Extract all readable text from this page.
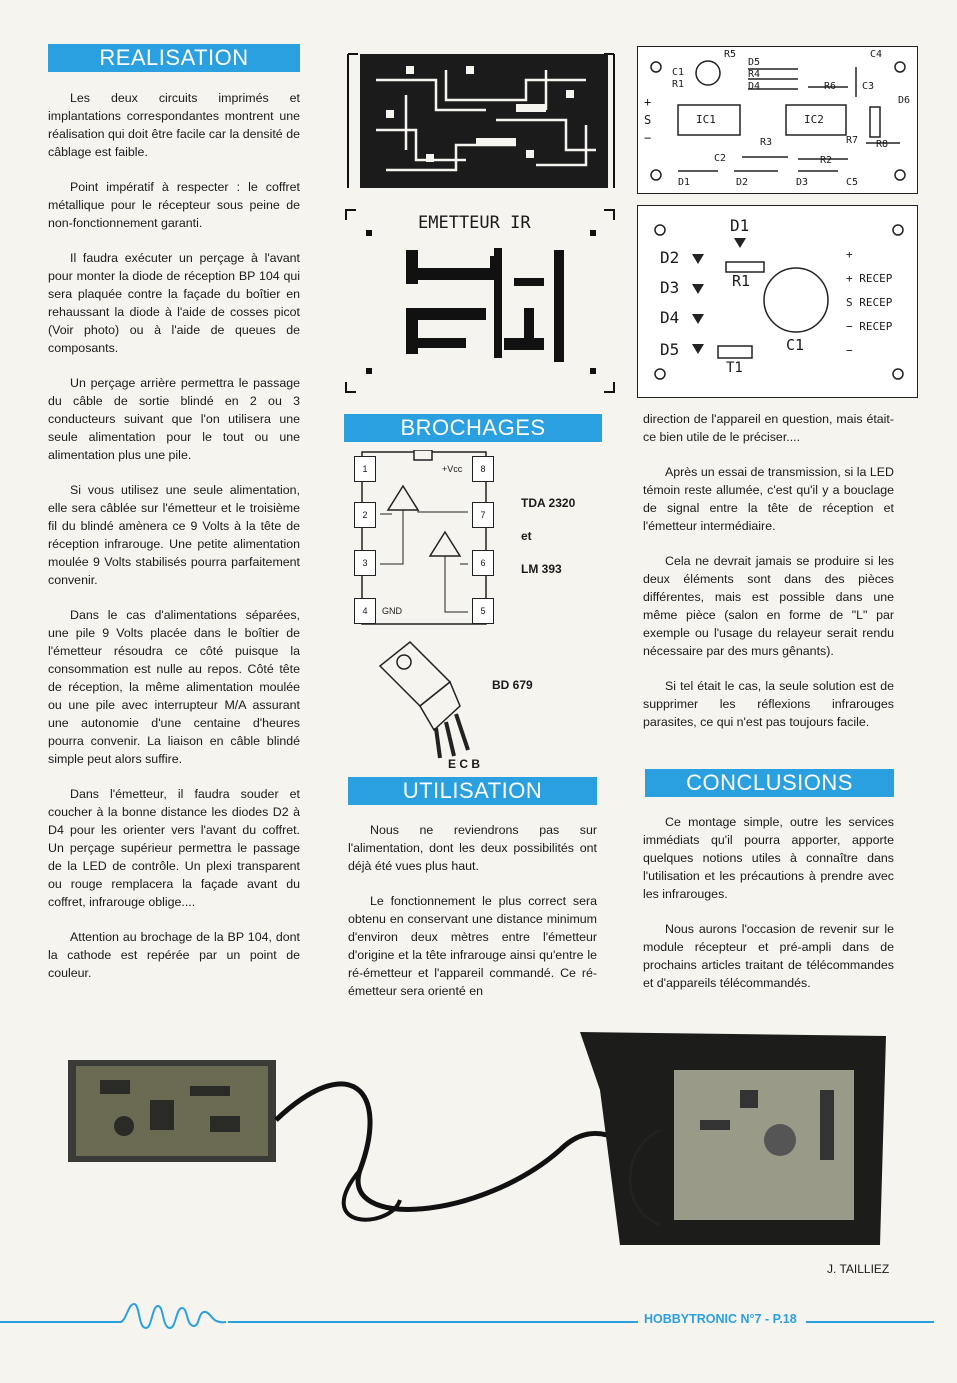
REALISATION

Les deux circuits imprimés et implantations correspondantes montrent une réalisation qui doit être facile car la densité de câblage est faible.

Point impératif à respecter : le coffret métallique pour le récepteur sous peine de non-fonctionnement garanti.

Il faudra exécuter un perçage à l'avant pour monter la diode de réception BP 104 qui sera plaquée contre la façade du boîtier en rehaussant la diode à l'aide de cosses picot (Voir photo) ou à l'aide de queues de composants.

Un perçage arrière permettra le passage du câble de sortie blindé en 2 ou 3 conducteurs suivant que l'on utilisera une seule alimentation pour le tout ou une alimentation plus une pile.

Si vous utilisez une seule alimentation, elle sera câblée sur l'émetteur et le troisième fil du blindé amènera ce 9 Volts à la tête de réception infrarouge. Une petite alimentation moulée 9 Volts stabilisés pourra parfaitement convenir.

Dans le cas d'alimentations séparées, une pile 9 Volts placée dans le boîtier de l'émetteur résoudra ce côté puisque la consommation est nulle au repos. Côté tête de réception, la même alimentation moulée ou une pile avec interrupteur M/A assurant une autonomie d'une centaine d'heures pourra convenir. La liaison en câble blindé simple peut alors suffire.

Dans l'émetteur, il faudra souder et coucher à la bonne distance les diodes D2 à D4 pour les orienter vers l'avant du coffret. Un perçage supérieur permettra le passage de la LED de contrôle. Un plexi transparent ou rouge remplacera la façade avant du coffret, infrarouge oblige....

Attention au brochage de la BP 104, dont la cathode est repérée par un point de couleur.

EMETTEUR IR
BROCHAGES
1
2
3
4
8
7
6
5
+Vcc
GND
TDA 2320
et
LM 393
BD 679
E C B
UTILISATION

Nous ne reviendrons pas sur l'alimentation, dont les deux possibilités ont déjà été vues plus haut.

Le fonctionnement le plus correct sera obtenu en conservant une distance minimum d'environ deux mètres entre l'émetteur d'origine et la tête infrarouge ainsi qu'entre le ré-émetteur et l'appareil commandé. Ce ré-émetteur sera orienté en

R5	C4
C1
D5
R4
R1	D4	R6	C3
D6
+
S
−
IC1	IC2
R3	R7 R8
C2	R2
D1	D2	D3	C5
D1
D2
D3
D4
D5
R1
C1
T1
+
+ RECEP
S RECEP
− RECEP
−

direction de l'appareil en question, mais était-ce bien utile de le préciser....

Après un essai de transmission, si la LED témoin reste allumée, c'est qu'il y a bouclage de signal entre la tête de réception et l'émetteur intermédiaire.

Cela ne devrait jamais se produire si les deux éléments sont dans des pièces différentes, mais est possible dans une même pièce (salon en forme de "L" par exemple ou l'usage du relayeur serait rendu nécessaire par des murs gênants).

Si tel était le cas, la seule solution est de supprimer les réflexions infrarouges parasites, ce qui n'est pas toujours facile.

CONCLUSIONS

Ce montage simple, outre les services immédiats qu'il pourra apporter, apporte quelques notions utiles à connaître dans l'utilisation et les précautions à prendre avec les infrarouges.

Nous aurons l'occasion de revenir sur le module récepteur et pré-ampli dans de prochains articles traitant de télécommandes et d'appareils télécommandés.

J. TAILLIEZ
HOBBYTRONIC N°7 - P.18
